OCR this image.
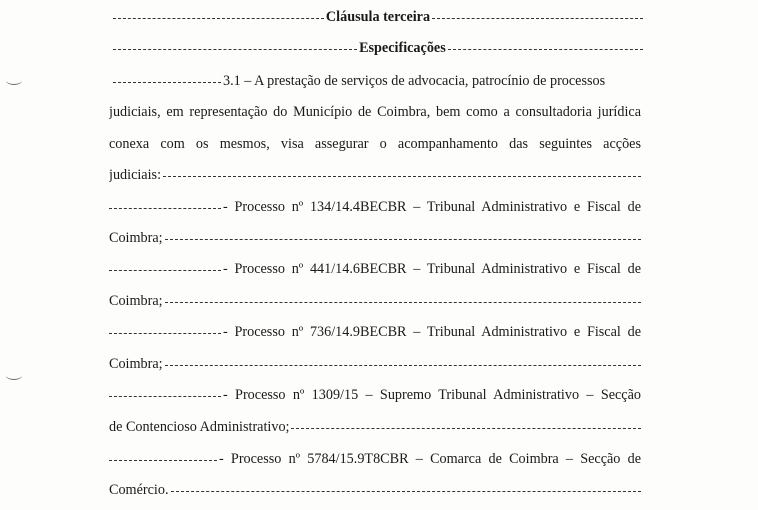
Cláusula terceira
Especificações
3.1 – A prestação de serviços de advocacia, patrocínio de processos
judiciais, em representação do Município de Coimbra, bem como a consultadoria jurídica
conexa com os mesmos, visa assegurar o acompanhamento das seguintes acções
judiciais:
- Processo nº 134/14.4BECBR – Tribunal Administrativo e Fiscal de
Coimbra;
- Processo nº 441/14.6BECBR – Tribunal Administrativo e Fiscal de
Coimbra;
- Processo nº 736/14.9BECBR – Tribunal Administrativo e Fiscal de
Coimbra;
- Processo nº 1309/15 – Supremo Tribunal Administrativo – Secção
de Contencioso Administrativo;
- Processo nº 5784/15.9T8CBR – Comarca de Coimbra – Secção de
Comércio.
